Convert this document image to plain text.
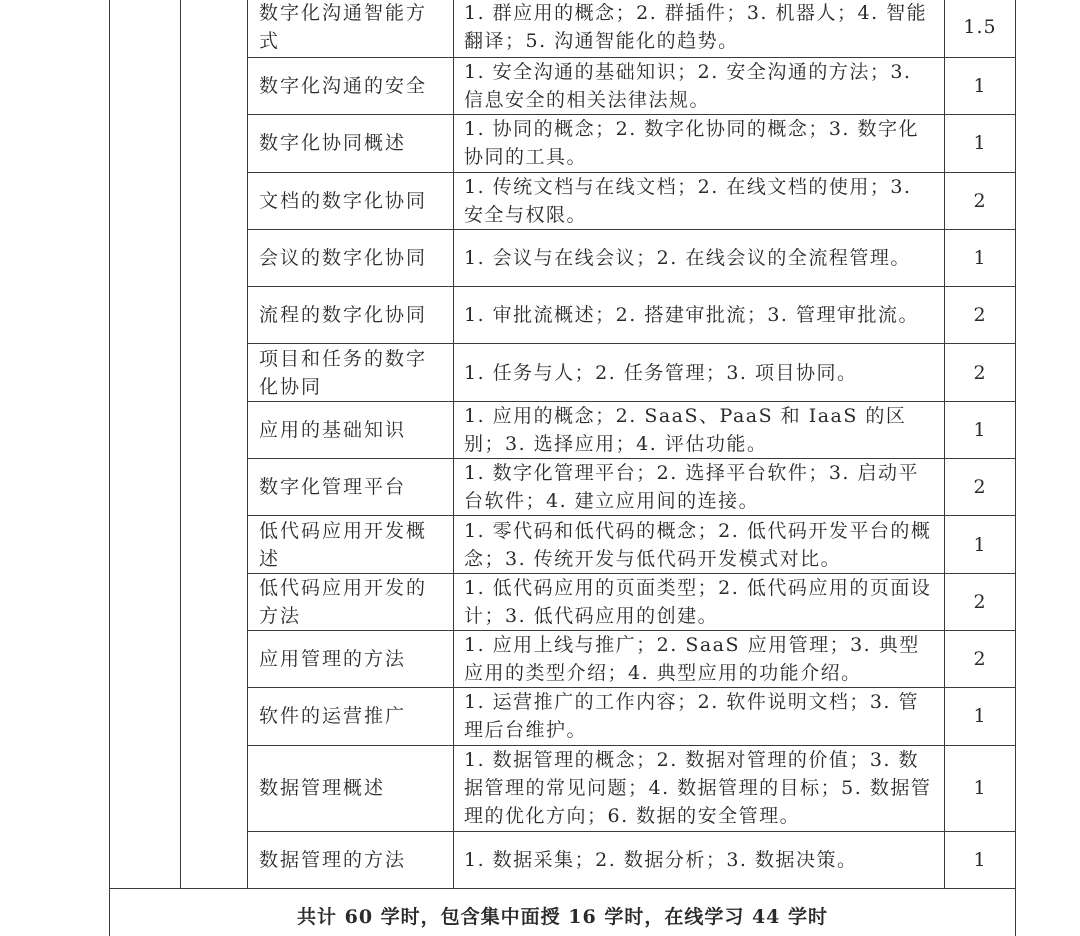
		数字化沟通智能方式	1. 群应用的概念；2. 群插件；3. 机器人；4. 智能翻译；5. 沟通智能化的趋势。	1.5
		数字化沟通的安全	1. 安全沟通的基础知识；2. 安全沟通的方法；3. 信息安全的相关法律法规。	1
		数字化协同概述	1. 协同的概念；2. 数字化协同的概念；3. 数字化协同的工具。	1
		文档的数字化协同	1. 传统文档与在线文档；2. 在线文档的使用；3. 安全与权限。	2
		会议的数字化协同	1. 会议与在线会议；2. 在线会议的全流程管理。	1
		流程的数字化协同	1. 审批流概述；2. 搭建审批流；3. 管理审批流。	2
		项目和任务的数字化协同	1. 任务与人；2. 任务管理；3. 项目协同。	2
		应用的基础知识	1. 应用的概念；2. SaaS、PaaS 和 IaaS 的区别；3. 选择应用；4. 评估功能。	1
		数字化管理平台	1. 数字化管理平台；2. 选择平台软件；3. 启动平台软件；4. 建立应用间的连接。	2
		低代码应用开发概述	1. 零代码和低代码的概念；2. 低代码开发平台的概念；3. 传统开发与低代码开发模式对比。	1
		低代码应用开发的方法	1. 低代码应用的页面类型；2. 低代码应用的页面设计；3. 低代码应用的创建。	2
		应用管理的方法	1. 应用上线与推广；2. SaaS 应用管理；3. 典型应用的类型介绍；4. 典型应用的功能介绍。	2
		软件的运营推广	1. 运营推广的工作内容；2. 软件说明文档；3. 管理后台维护。	1
		数据管理概述	1. 数据管理的概念；2. 数据对管理的价值；3. 数据管理的常见问题；4. 数据管理的目标；5. 数据管理的优化方向；6. 数据的安全管理。	1
		数据管理的方法	1. 数据采集；2. 数据分析；3. 数据决策。	1
共计 60 学时，包含集中面授 16 学时，在线学习 44 学时				
